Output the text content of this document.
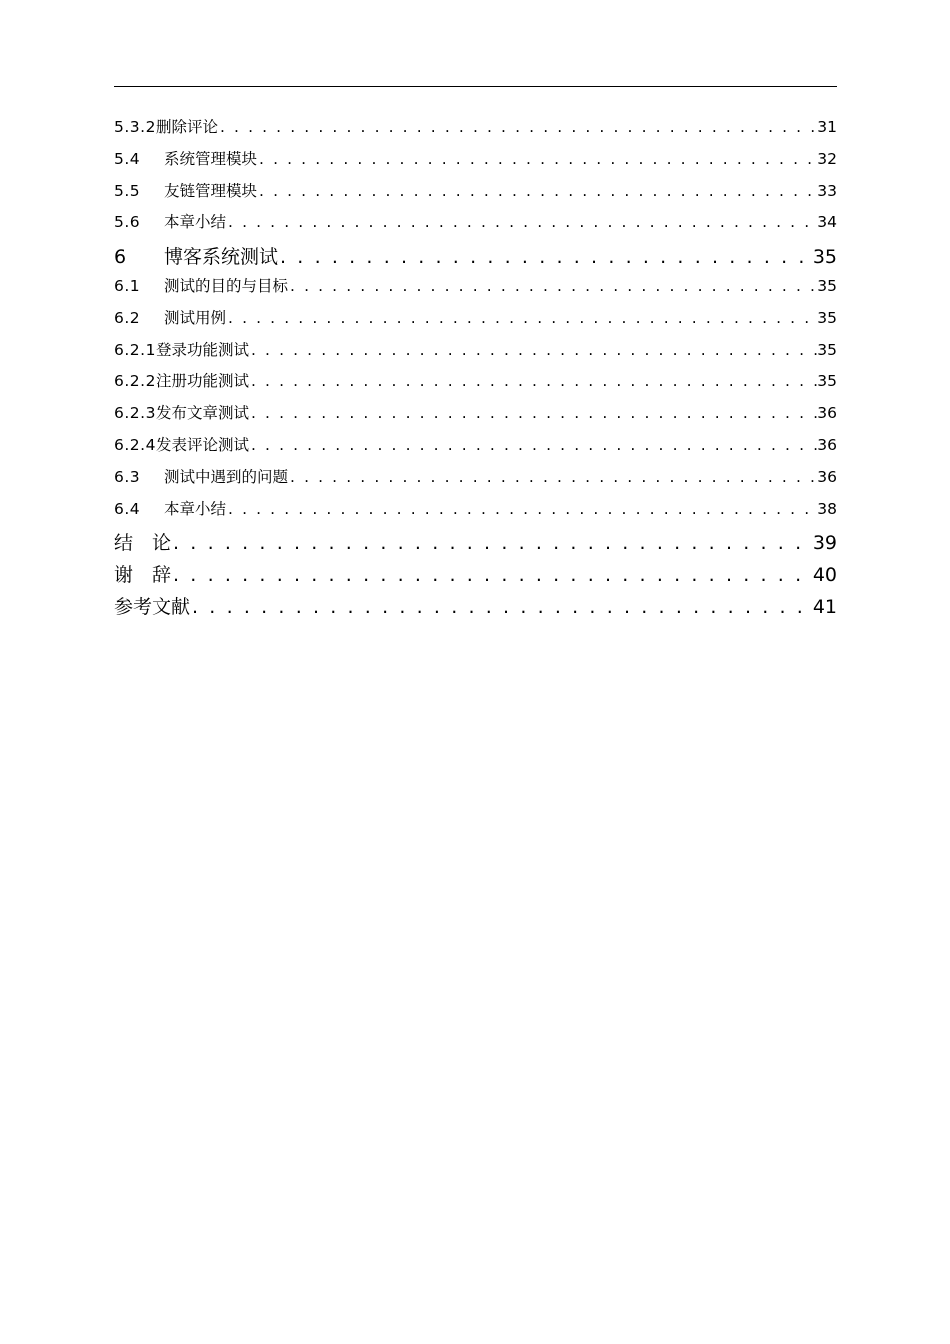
5.3.2 删除评论 . . .	31
5.4	系统管理模块 . . .	32
5.5	友链管理模块 . . .	33
5.6	本章小结 . . .	34
6	博客系统测试 . . .	35
6.1	测试的目的与目标 . . .	35
6.2	测试用例 . . .	35
6.2.1 登录功能测试 . . .	35
6.2.2 注册功能测试 . . .	35
6.2.3 发布文章测试 . . .	36
6.2.4 发表评论测试 . . .	36
6.3	测试中遇到的问题 . . .	36
6.4	本章小结 . . .	38
结　论 . . .	39
谢　辞 . . .	40
参考文献 . . .	41
